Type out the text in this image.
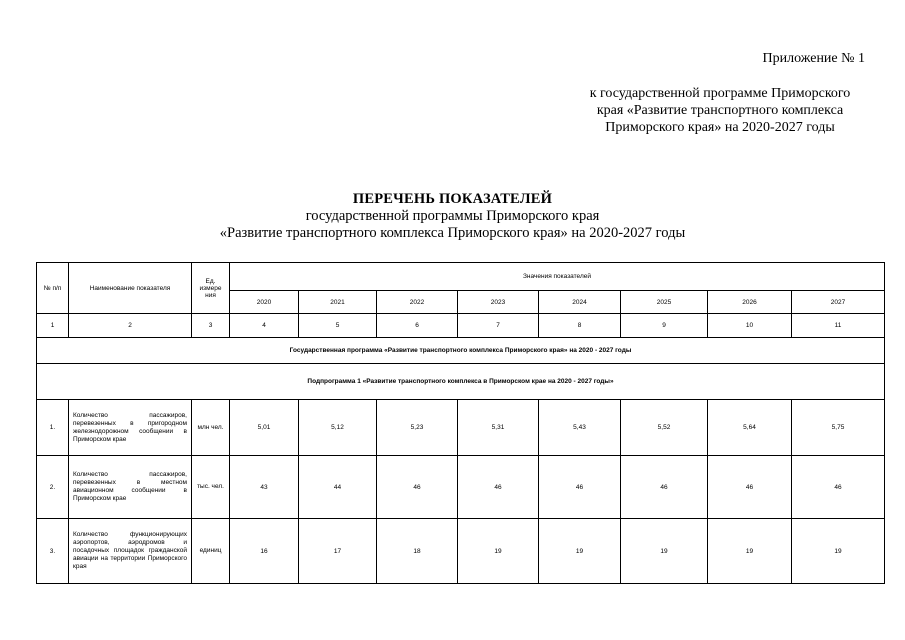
Приложение № 1
к государственной программе Приморского
края «Развитие транспортного комплекса
Приморского края» на 2020-2027 годы
ПЕРЕЧЕНЬ ПОКАЗАТЕЛЕЙ
государственной программы Приморского края
«Развитие транспортного комплекса Приморского края» на 2020-2027 годы
№ п/п	Наименование показателя	Ед. измере ния	Значения показателей							
			2020	2021	2022	2023	2024	2025	2026	2027
1	2	3	4	5	6	7	8	9	10	11
Государственная программа «Развитие транспортного комплекса Приморского края» на 2020 - 2027 годы										
Подпрограмма 1 «Развитие транспортного комплекса в Приморском крае на 2020 - 2027 годы»										
1.	Количество пассажиров, перевезенных в пригородном железнодорожном сообщении в Приморском крае	млн чел.	5,01	5,12	5,23	5,31	5,43	5,52	5,64	5,75
2.	Количество пассажиров, перевезенных в местном авиационном сообщении в Приморском крае	тыс. чел.	43	44	46	46	46	46	46	46
3.	Количество функционирующих аэропортов, аэродромов и посадочных площадок гражданской авиации на территории Приморского края	единиц	16	17	18	19	19	19	19	19
